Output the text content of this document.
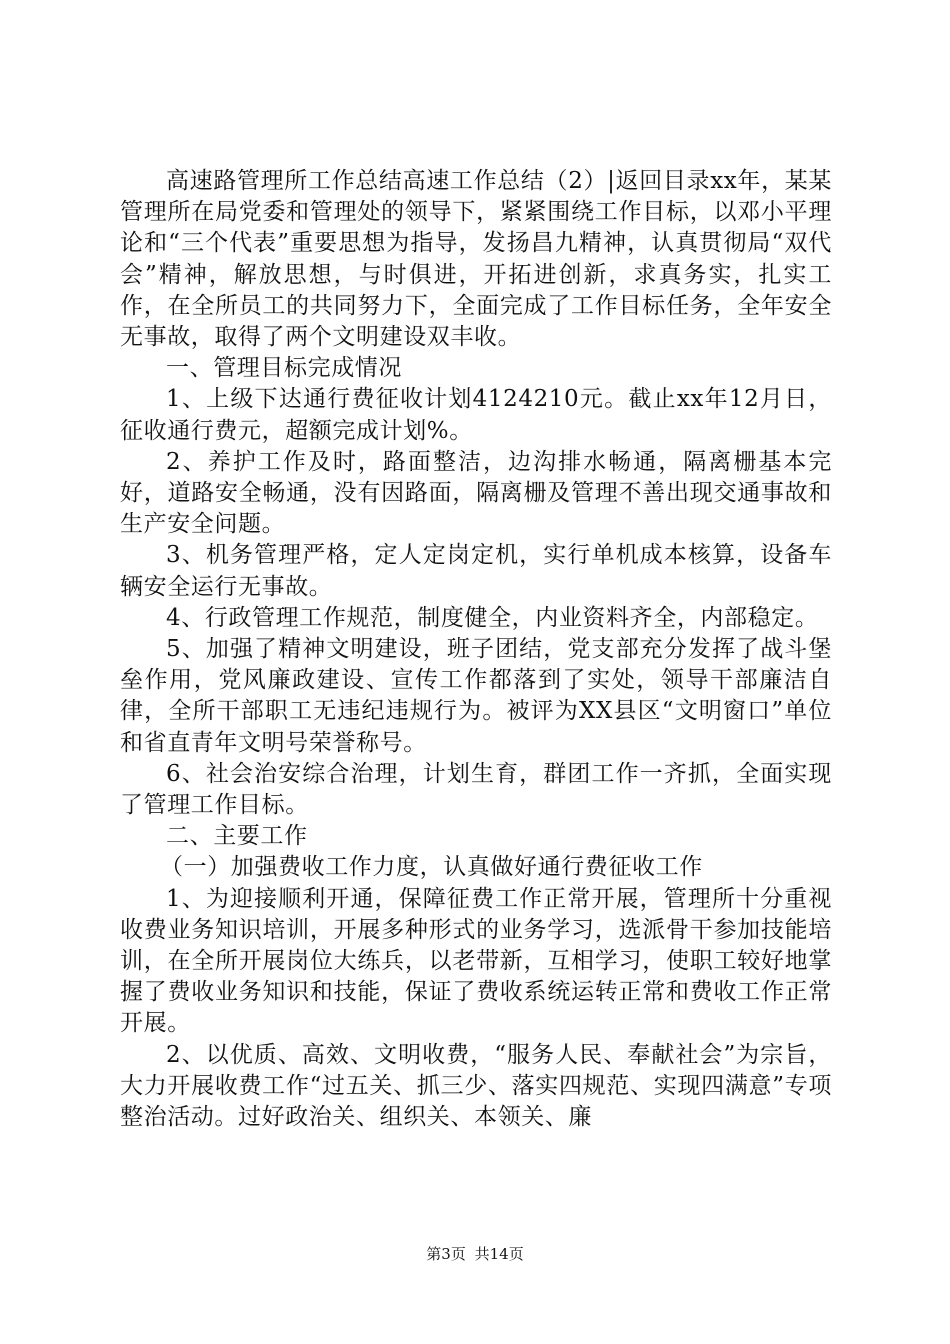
高速路管理所工作总结高速工作总结（2）|返回目录xx年，某某管理所在局党委和管理处的领导下，紧紧围绕工作目标，以邓小平理论和“三个代表”重要思想为指导，发扬昌九精神，认真贯彻局“双代会”精神，解放思想，与时俱进，开拓进创新，求真务实，扎实工作，在全所员工的共同努力下，全面完成了工作目标任务，全年安全无事故，取得了两个文明建设双丰收。

一、管理目标完成情况

1、上级下达通行费征收计划4124210元。截止xx年12月日，征收通行费元，超额完成计划%。

2、养护工作及时，路面整洁，边沟排水畅通，隔离栅基本完好，道路安全畅通，没有因路面，隔离栅及管理不善出现交通事故和生产安全问题。

3、机务管理严格，定人定岗定机，实行单机成本核算，设备车辆安全运行无事故。

4、行政管理工作规范，制度健全，内业资料齐全，内部稳定。

5、加强了精神文明建设，班子团结，党支部充分发挥了战斗堡垒作用，党风廉政建设、宣传工作都落到了实处，领导干部廉洁自律，全所干部职工无违纪违规行为。被评为XX县区“文明窗口”单位和省直青年文明号荣誉称号。

6、社会治安综合治理，计划生育，群团工作一齐抓，全面实现了管理工作目标。

二、主要工作

（一）加强费收工作力度，认真做好通行费征收工作

1、为迎接顺利开通，保障征费工作正常开展，管理所十分重视收费业务知识培训，开展多种形式的业务学习，选派骨干参加技能培训，在全所开展岗位大练兵，以老带新，互相学习，使职工较好地掌握了费收业务知识和技能，保证了费收系统运转正常和费收工作正常开展。

2、以优质、高效、文明收费，“服务人民、奉献社会”为宗旨，大力开展收费工作“过五关、抓三少、落实四规范、实现四满意”专项整治活动。过好政治关、组织关、本领关、廉

第3页 共14页
